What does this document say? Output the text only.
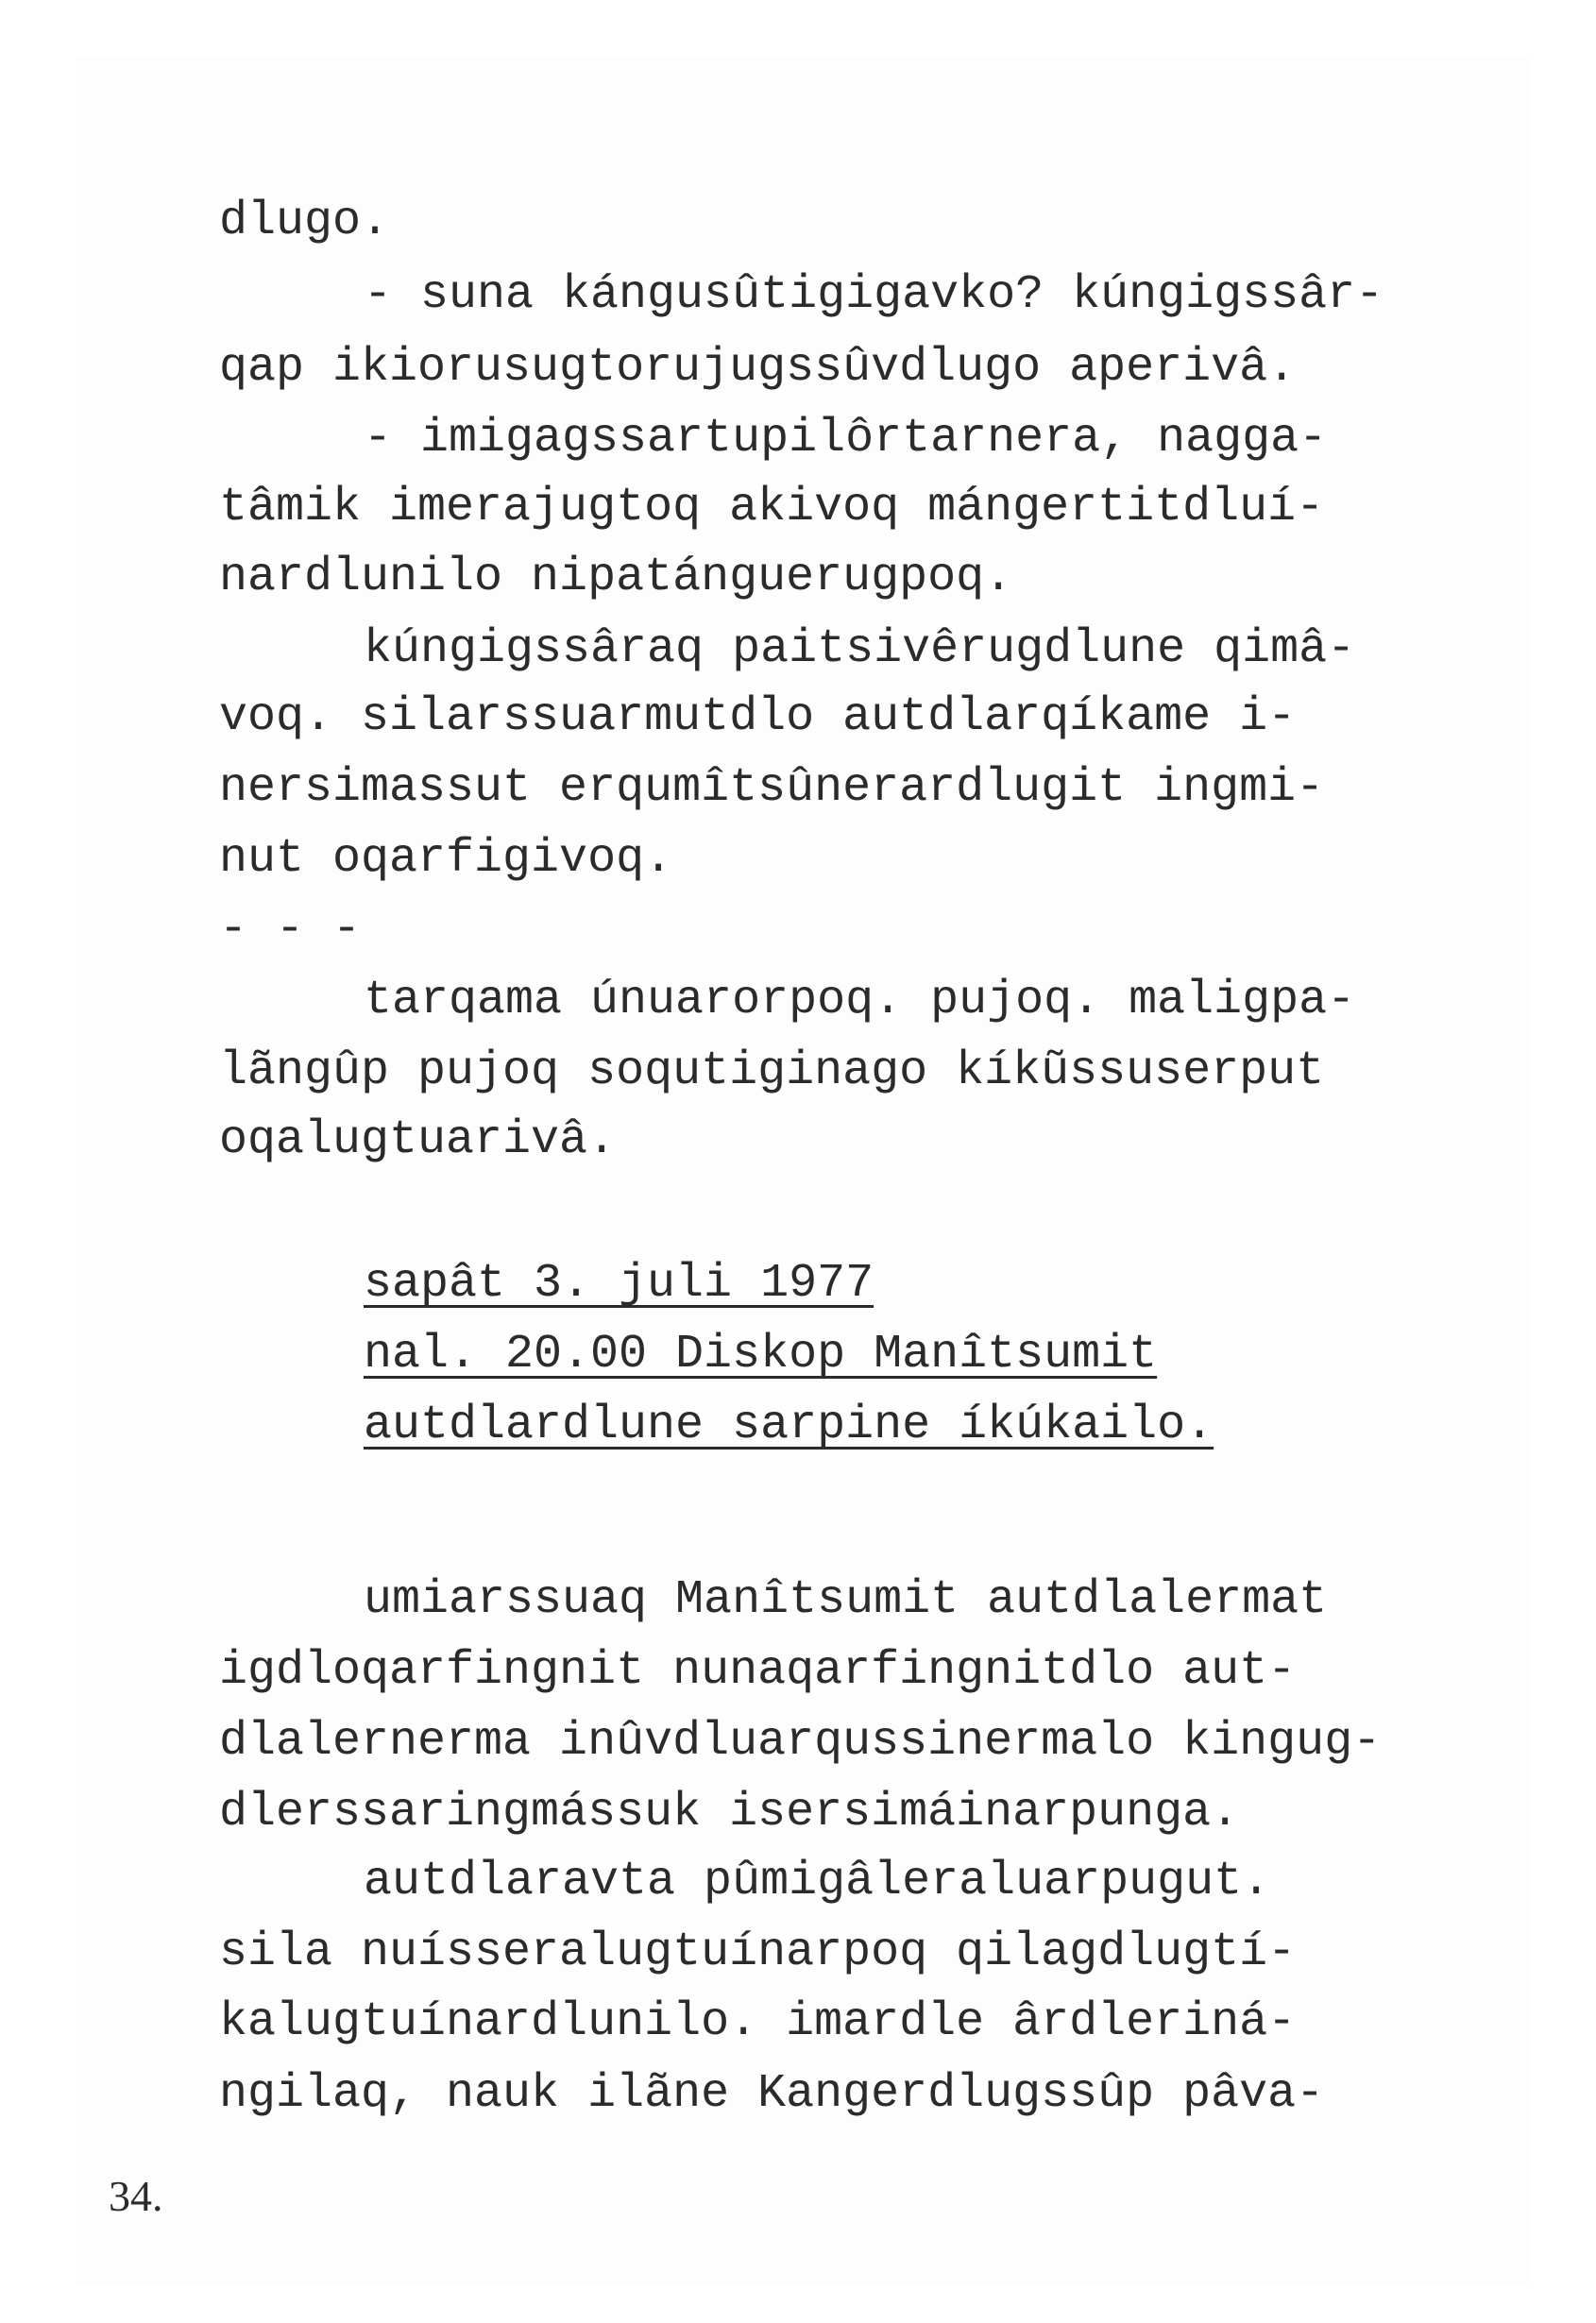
dlugo.
- suna kángusûtigigavko? kúngigssâr-
qap ikiorusugtorujugssûvdlugo aperivâ.
- imigagssartupilôrtarnera, nagga-
tâmik imerajugtoq akivoq mángertitdluí-
nardlunilo nipatánguerugpoq.
kúngigssâraq paitsivêrugdlune qimâ-
voq. silarssuarmutdlo autdlarqíkame i-
nersimassut erqumîtsûnerardlugit ingmi-
nut oqarfigivoq.
- - -
tarqama únuarorpoq. pujoq. maligpa-
lãngûp pujoq soqutiginago kíkũssuserput
oqalugtuarivâ.
sapât 3. juli 1977
nal. 20.00 Diskop Manîtsumit
autdlardlune sarpine íkúkailo.
umiarssuaq Manîtsumit autdlalermat
igdloqarfingnit nunaqarfingnitdlo aut-
dlalernerma inûvdluarqussinermalo kingug-
dlerssaringmássuk isersimáinarpunga.
autdlaravta pûmigâleraluarpugut.
sila nuísseralugtuínarpoq qilagdlugtí-
kalugtuínardlunilo. imardle ârdleriná-
ngilaq, nauk ilãne Kangerdlugssûp pâva-
34.
